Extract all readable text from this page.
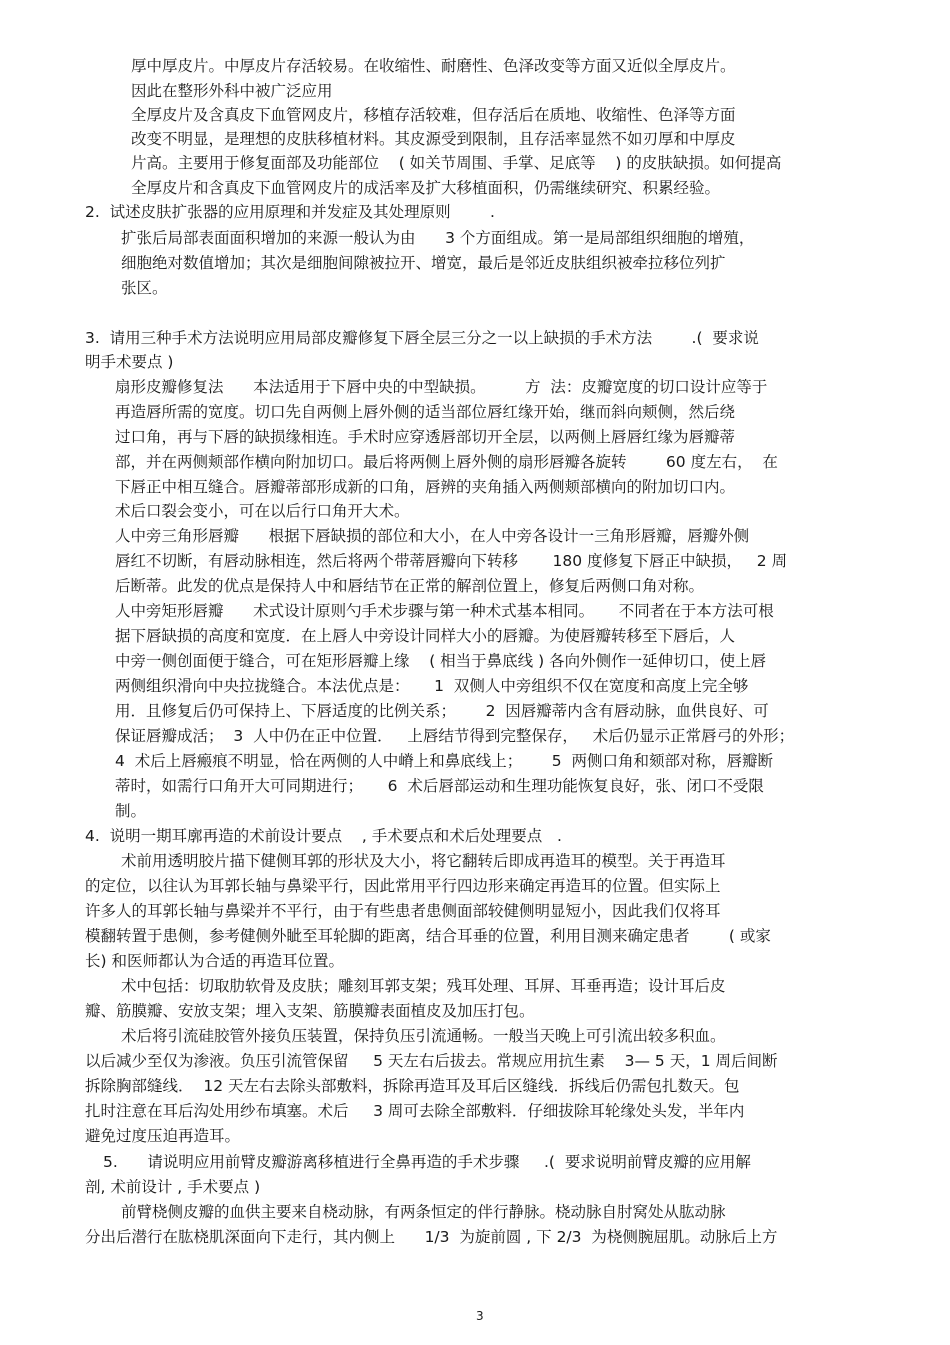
厚中厚皮片。中厚皮片存活较易。在收缩性、耐磨性、色泽改变等方面又近似全厚皮片。
因此在整形外科中被广泛应用
全厚皮片及含真皮下血管网皮片，移植存活较难，但存活后在质地、收缩性、色泽等方面
改变不明显，是理想的皮肤移植材料。其皮源受到限制，且存活率显然不如刃厚和中厚皮
片高。主要用于修复面部及功能部位    ( 如关节周围、手掌、足底等    ) 的皮肤缺损。如何提高
全厚皮片和含真皮下血管网皮片的成活率及扩大移植面积，仍需继续研究、积累经验。
2.  试述皮肤扩张器的应用原理和并发症及其处理原则        .
扩张后局部表面面积增加的来源一般认为由      3 个方面组成。第一是局部组织细胞的增殖，
细胞绝对数值增加；其次是细胞间隙被拉开、增宽，最后是邻近皮肤组织被牵拉移位列扩
张区。
3.  请用三种手术方法说明应用局部皮瓣修复下唇全层三分之一以上缺损的手术方法        .(  要求说
明手术要点 )
扇形皮瓣修复法      本法适用于下唇中央的中型缺损。        方  法：皮瓣宽度的切口设计应等于
再造唇所需的宽度。切口先自两侧上唇外侧的适当部位唇红缘开始，继而斜向颊侧，然后绕
过口角，再与下唇的缺损缘相连。手术时应穿透唇部切开全层，以两侧上唇唇红缘为唇瓣蒂
部，并在两侧颊部作横向附加切口。最后将两侧上唇外侧的扇形唇瓣各旋转        60 度左右，  在
下唇正中相互缝合。唇瓣蒂部形成新的口角，唇辨的夹角插入两侧颊部横向的附加切口内。
术后口裂会变小，可在以后行口角开大术。
人中旁三角形唇瓣      根据下唇缺损的部位和大小，在人中旁各设计一三角形唇瓣，唇瓣外侧
唇红不切断，有唇动脉相连，然后将两个带蒂唇瓣向下转移       180 度修复下唇正中缺损，   2 周
后断蒂。此发的优点是保持人中和唇结节在正常的解剖位置上，修复后两侧口角对称。
人中旁矩形唇瓣      术式设计原则勺手术步骤与第一种术式基本相同。     不同者在于本方法可根
据下唇缺损的高度和宽度．在上唇人中旁设计同样大小的唇瓣。为使唇瓣转移至下唇后，人
中旁一侧创面便于缝合，可在矩形唇瓣上缘    ( 相当于鼻底线 ) 各向外侧作一延伸切口，使上唇
两侧组织滑向中央拉拢缝合。本法优点是：     1  双侧人中旁组织不仅在宽度和高度上完全够
用．且修复后仍可保持上、下唇适度的比例关系；      2  因唇瓣蒂内含有唇动脉，血供良好、可
保证唇瓣成活；  3  人中仍在正中位置．   上唇结节得到完整保存，   术后仍显示正常唇弓的外形；
4  术后上唇瘢痕不明显，恰在两侧的人中嵴上和鼻底线上；      5  两侧口角和颏部对称，唇瓣断
蒂时，如需行口角开大可同期进行；     6  术后唇部运动和生理功能恢复良好，张、闭口不受限
制。
4.  说明一期耳廓再造的术前设计要点    , 手术要点和术后处理要点   .
术前用透明胶片描下健侧耳郭的形状及大小，将它翻转后即成再造耳的模型。关于再造耳
的定位，以往认为耳郭长轴与鼻梁平行，因此常用平行四边形来确定再造耳的位置。但实际上
许多人的耳郭长轴与鼻梁并不平行，由于有些患者患侧面部较健侧明显短小，因此我们仅将耳
模翻转置于患侧，参考健侧外眦至耳轮脚的距离，结合耳垂的位置，利用目测来确定患者        ( 或家
长) 和医师都认为合适的再造耳位置。
术中包括：切取肋软骨及皮肤；雕刻耳郭支架；残耳处理、耳屏、耳垂再造；设计耳后皮
瓣、筋膜瓣、安放支架；埋入支架、筋膜瓣表面植皮及加压打包。
术后将引流硅胶管外接负压装置，保持负压引流通畅。一般当天晚上可引流出较多积血。
以后减少至仅为渗液。负压引流管保留     5 天左右后拔去。常规应用抗生素    3— 5 天，1 周后间断
拆除胸部缝线．  12 天左右去除头部敷料，拆除再造耳及耳后区缝线．拆线后仍需包扎数天。包
扎时注意在耳后沟处用纱布填塞。术后     3 周可去除全部敷料．仔细拔除耳轮缘处头发，半年内
避免过度压迫再造耳。
5.      请说明应用前臂皮瓣游离移植进行全鼻再造的手术步骤     .(  要求说明前臂皮瓣的应用解
剖, 术前设计 , 手术要点 )
前臂桡侧皮瓣的血供主要来自桡动脉，有两条恒定的伴行静脉。桡动脉自肘窝处从肱动脉
分出后潜行在肱桡肌深面向下走行，其内侧上      1/3  为旋前圆 , 下 2/3  为桡侧腕屈肌。动脉后上方
3
